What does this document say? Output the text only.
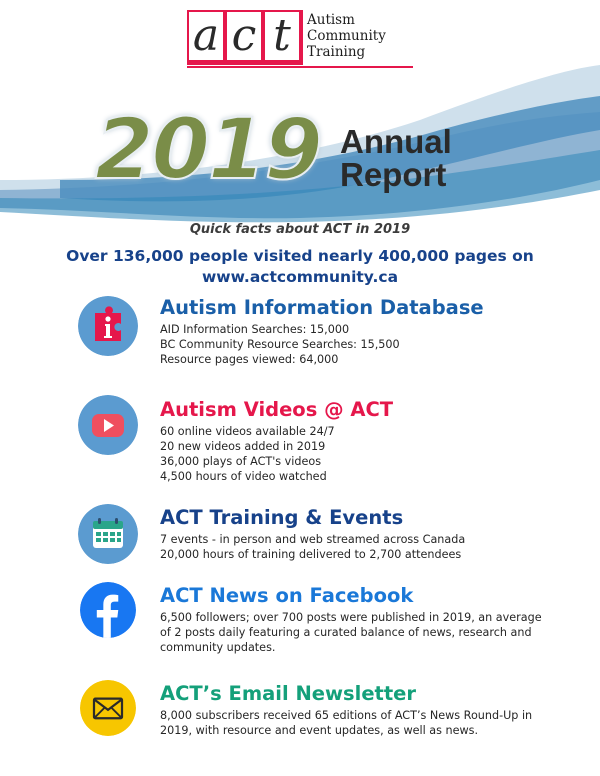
a c t	Autism
Community
Training
2019 Annual
Report
Quick facts about ACT in 2019
Over 136,000 people visited nearly 400,000 pages on
www.actcommunity.ca
Autism Information Database
AID Information Searches: 15,000
BC Community Resource Searches: 15,500
Resource pages viewed: 64,000
Autism Videos @ ACT
60 online videos available 24/7
20 new videos added in 2019
36,000 plays of ACT's videos
4,500 hours of video watched
ACT Training & Events
7 events - in person and web streamed across Canada
20,000 hours of training delivered to 2,700 attendees
ACT News on Facebook
6,500 followers; over 700 posts were published in 2019, an average of 2 posts daily featuring a curated balance of news, research and community updates.
ACT’s Email Newsletter
8,000 subscribers received 65 editions of ACT’s News Round-Up in 2019, with resource and event updates, as well as news.
